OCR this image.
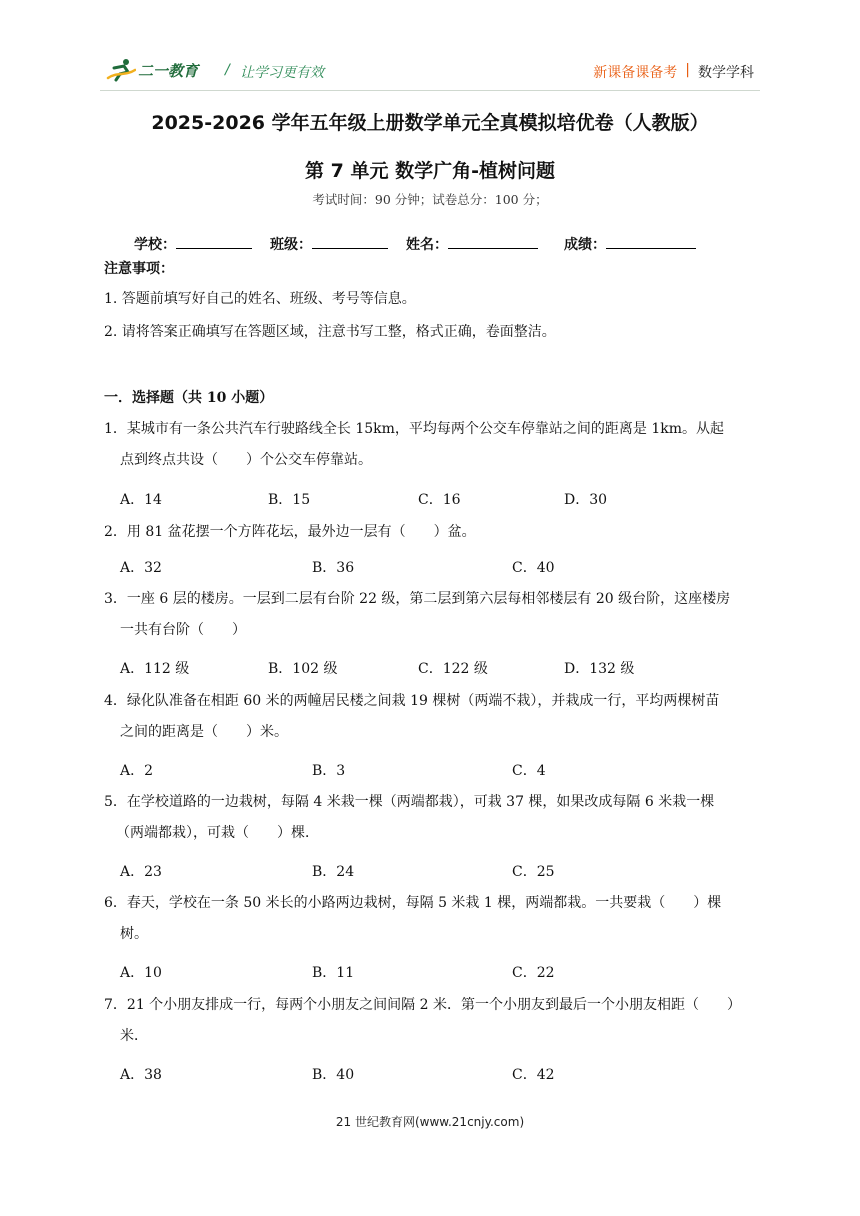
二一教育 / 让学习更有效	新课备课备考 | 数学学科
2025-2026 学年五年级上册数学单元全真模拟培优卷（人教版）
第 7 单元 数学广角-植树问题
考试时间：90 分钟；试卷总分：100 分；
学校：	班级：	姓名：	成绩：
注意事项：
1. 答题前填写好自己的姓名、班级、考号等信息。
2. 请将答案正确填写在答题区域，注意书写工整，格式正确，卷面整洁。
一．选择题（共 10 小题）
1．某城市有一条公共汽车行驶路线全长 15km，平均每两个公交车停靠站之间的距离是 1km。从起
点到终点共设（　　）个公交车停靠站。
A．14	B．15	C．16	D．30
2．用 81 盆花摆一个方阵花坛，最外边一层有（　　）盆。
A．32	B．36	C．40
3．一座 6 层的楼房。一层到二层有台阶 22 级，第二层到第六层每相邻楼层有 20 级台阶，这座楼房
一共有台阶（　　）
A．112 级	B．102 级	C．122 级	D．132 级
4．绿化队准备在相距 60 米的两幢居民楼之间栽 19 棵树（两端不栽），并栽成一行，平均两棵树苗
之间的距离是（　　）米。
A．2	B．3	C．4
5．在学校道路的一边栽树，每隔 4 米栽一棵（两端都栽），可栽 37 棵，如果改成每隔 6 米栽一棵
（两端都栽），可栽（　　）棵．
A．23	B．24	C．25
6．春天，学校在一条 50 米长的小路两边栽树，每隔 5 米栽 1 棵，两端都栽。一共要栽（　　）棵
树。
A．10	B．11	C．22
7．21 个小朋友排成一行，每两个小朋友之间间隔 2 米．第一个小朋友到最后一个小朋友相距（　　）
米．
A．38	B．40	C．42
21 世纪教育网(www.21cnjy.com)
